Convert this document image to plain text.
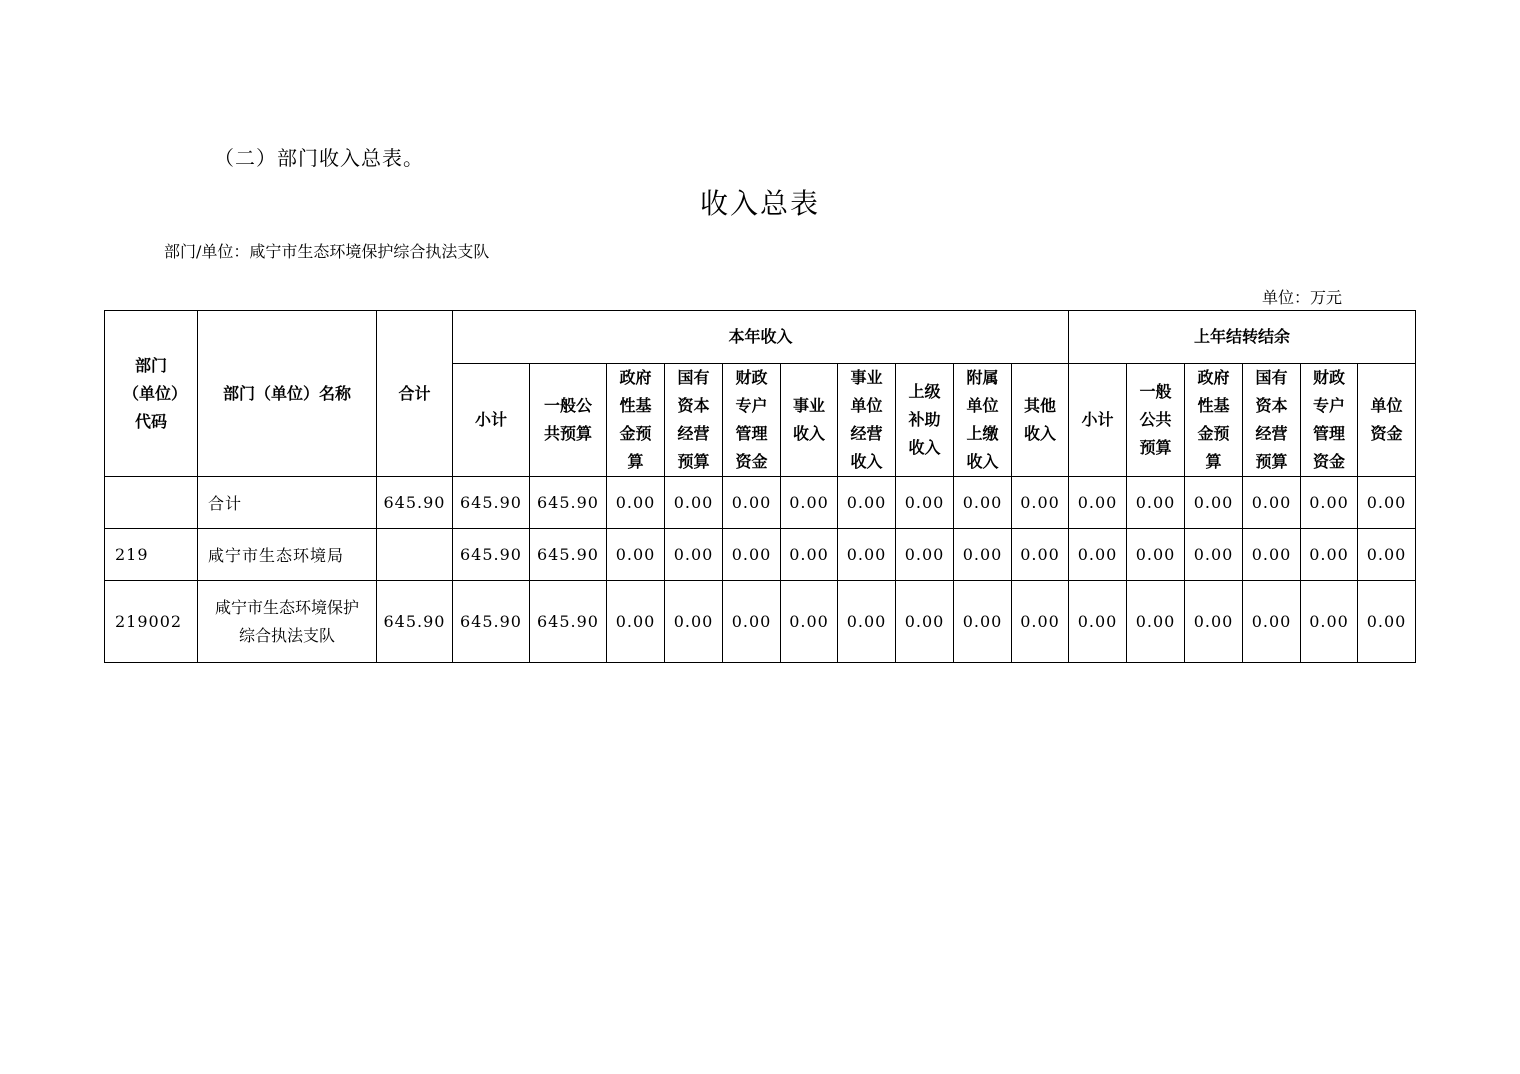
（二）部门收入总表。
收入总表
部门/单位：咸宁市生态环境保护综合执法支队
单位：万元
部门（单位）代码	部门（单位）名称	合计	本年收入										上年结转结余					
			小计	一般公共预算	政府性基金预算	国有资本经营预算	财政专户管理资金	事业收入	事业单位经营收入	上级补助收入	附属单位上缴收入	其他收入	小计	一般公共预算	政府性基金预算	国有资本经营预算	财政专户管理资金	单位资金
	合计	645.90	645.90	645.90	0.00	0.00	0.00	0.00	0.00	0.00	0.00	0.00	0.00	0.00	0.00	0.00	0.00	0.00
219	咸宁市生态环境局		645.90	645.90	0.00	0.00	0.00	0.00	0.00	0.00	0.00	0.00	0.00	0.00	0.00	0.00	0.00	0.00
219002	咸宁市生态环境保护综合执法支队	645.90	645.90	645.90	0.00	0.00	0.00	0.00	0.00	0.00	0.00	0.00	0.00	0.00	0.00	0.00	0.00	0.00
